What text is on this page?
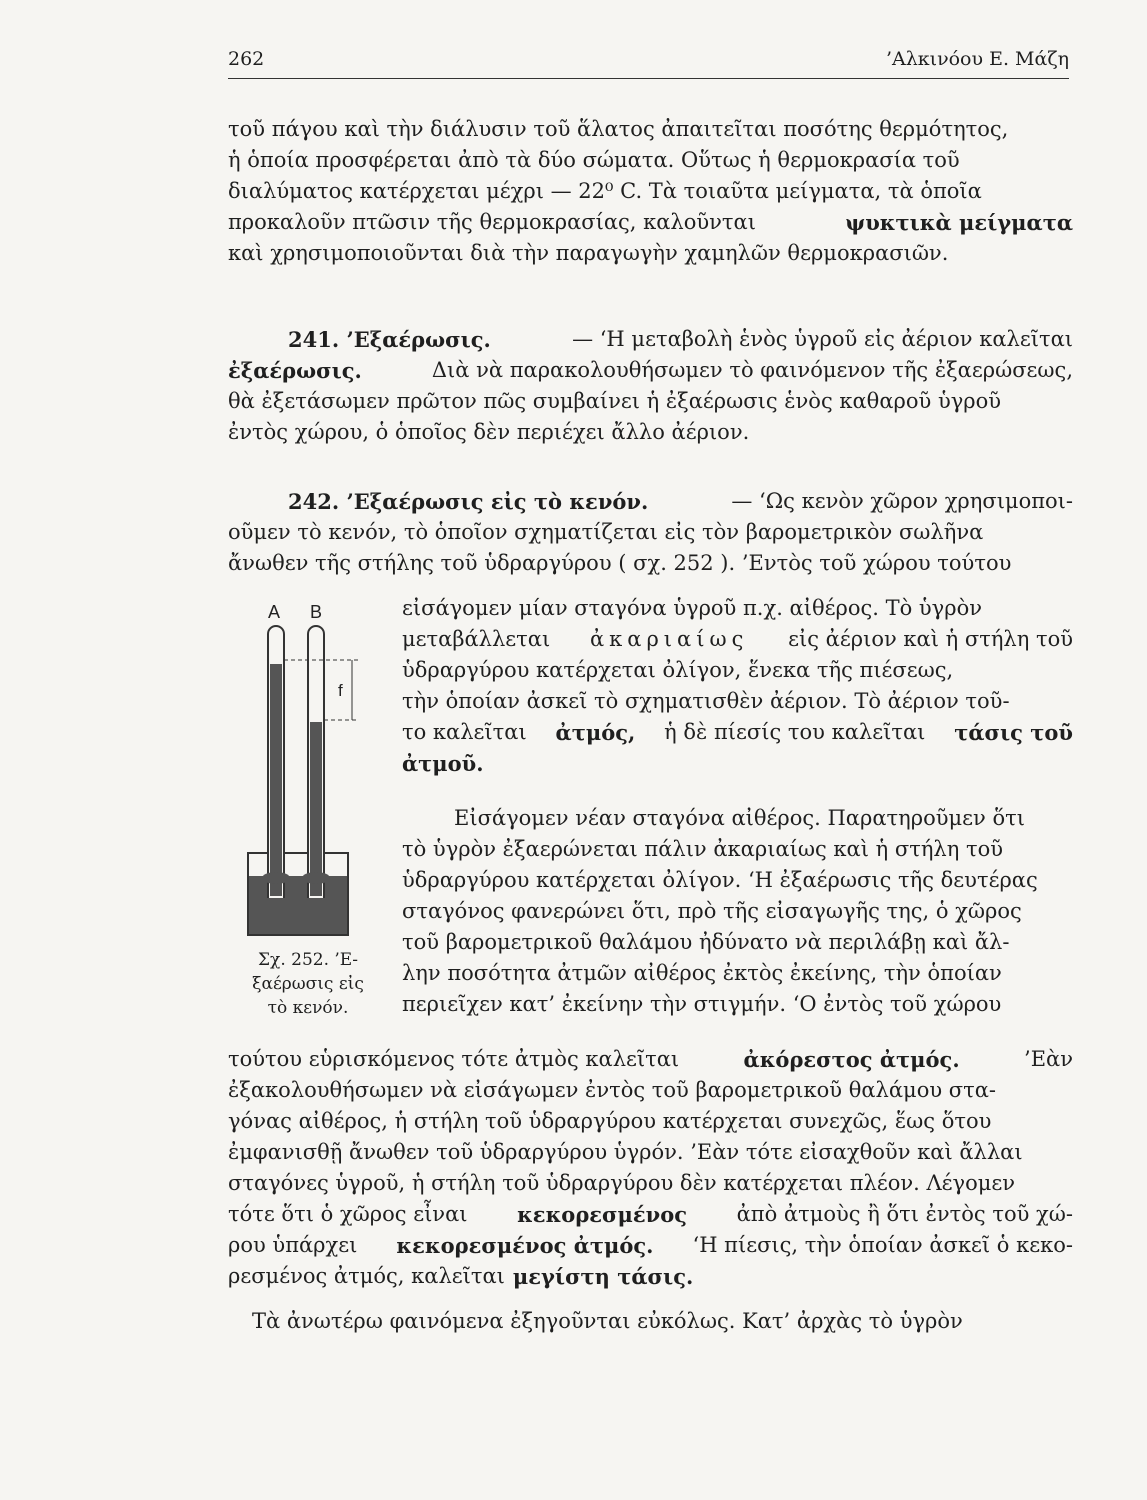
262	’Αλκινόου Ε. Μάζη
τοῦ πάγου καὶ τὴν διάλυσιν τοῦ ἅλατος ἀπαιτεῖται ποσότης θερμότητος,
ἡ ὁποία προσφέρεται ἀπὸ τὰ δύο σώματα. Οὕτως ἡ θερμοκρασία τοῦ
διαλύματος κατέρχεται μέχρι — 22⁰ C. Τὰ τοιαῦτα μείγματα, τὰ ὁποῖα
προκαλοῦν πτῶσιν τῆς θερμοκρασίας, καλοῦνται	ψυκτικὰ μείγματα
καὶ χρησιμοποιοῦνται διὰ τὴν παραγωγὴν χαμηλῶν θερμοκρασιῶν.
241. ’Εξαέρωσις.	— ‘Η μεταβολὴ ἑνὸς ὑγροῦ εἰς ἀέριον καλεῖται
ἐξαέρωσις.	Διὰ νὰ παρακολουθήσωμεν τὸ φαινόμενον τῆς ἐξαερώσεως,
θὰ ἐξετάσωμεν πρῶτον πῶς συμβαίνει ἡ ἐξαέρωσις ἑνὸς καθαροῦ ὑγροῦ
ἐντὸς χώρου, ὁ ὁποῖος δὲν περιέχει ἄλλο ἀέριον.
242. ’Εξαέρωσις εἰς τὸ κενόν.	— ‘Ως κενὸν χῶρον χρησιμοποι-
οῦμεν τὸ κενόν, τὸ ὁποῖον σχηματίζεται εἰς τὸν βαρομετρικὸν σωλῆνα
ἄνωθεν τῆς στήλης τοῦ ὑδραργύρου ( σχ. 252 ). ’Εντὸς τοῦ χώρου τούτου
εἰσάγομεν μίαν σταγόνα ὑγροῦ π.χ. αἰθέρος. Τὸ ὑγρὸν
μεταβάλλεται ἀκαριαίως εἰς ἀέριον καὶ ἡ στήλη τοῦ
ὑδραργύρου κατέρχεται ὀλίγον, ἕνεκα τῆς πιέσεως,
τὴν ὁποίαν ἀσκεῖ τὸ σχηματισθὲν ἀέριον. Τὸ ἀέριον τοῦ-
το καλεῖται ἀτμός, ἡ δὲ πίεσίς του καλεῖται τάσις τοῦ
ἀτμοῦ.
Εἰσάγομεν νέαν σταγόνα αἰθέρος. Παρατηροῦμεν ὅτι
τὸ ὑγρὸν ἐξαερώνεται πάλιν ἀκαριαίως καὶ ἡ στήλη τοῦ
ὑδραργύρου κατέρχεται ὀλίγον. ‘Η ἐξαέρωσις τῆς δευτέρας
σταγόνος φανερώνει ὅτι, πρὸ τῆς εἰσαγωγῆς της, ὁ χῶρος
τοῦ βαρομετρικοῦ θαλάμου ἠδύνατο νὰ περιλάβῃ καὶ ἄλ-
λην ποσότητα ἀτμῶν αἰθέρος ἐκτὸς ἐκείνης, τὴν ὁποίαν
περιεῖχεν κατ’ ἐκείνην τὴν στιγμήν. ‘Ο ἐντὸς τοῦ χώρου
τούτου εὑρισκόμενος τότε ἀτμὸς καλεῖται	ἀκόρεστος ἀτμός.	’Εὰν
ἐξακολουθήσωμεν νὰ εἰσάγωμεν ἐντὸς τοῦ βαρομετρικοῦ θαλάμου στα-
γόνας αἰθέρος, ἡ στήλη τοῦ ὑδραργύρου κατέρχεται συνεχῶς, ἕως ὅτου
ἐμφανισθῇ ἄνωθεν τοῦ ὑδραργύρου ὑγρόν. ’Εὰν τότε εἰσαχθοῦν καὶ ἄλλαι
σταγόνες ὑγροῦ, ἡ στήλη τοῦ ὑδραργύρου δὲν κατέρχεται πλέον. Λέγομεν
τότε ὅτι ὁ χῶρος εἶναι κεκορεσμένος ἀπὸ ἀτμοὺς ἢ ὅτι ἐντὸς τοῦ χώ-
ρου ὑπάρχει κεκορεσμένος ἀτμός. ‘Η πίεσις, τὴν ὁποίαν ἀσκεῖ ὁ κεκο-
ρεσμένος ἀτμός, καλεῖται μεγίστη τάσις.
Τὰ ἀνωτέρω φαινόμενα ἐξηγοῦνται εὐκόλως. Κατ’ ἀρχὰς τὸ ὑγρὸν
A B
f
Σχ. 252. ’Ε-
ξαέρωσις εἰς
τὸ κενόν.
